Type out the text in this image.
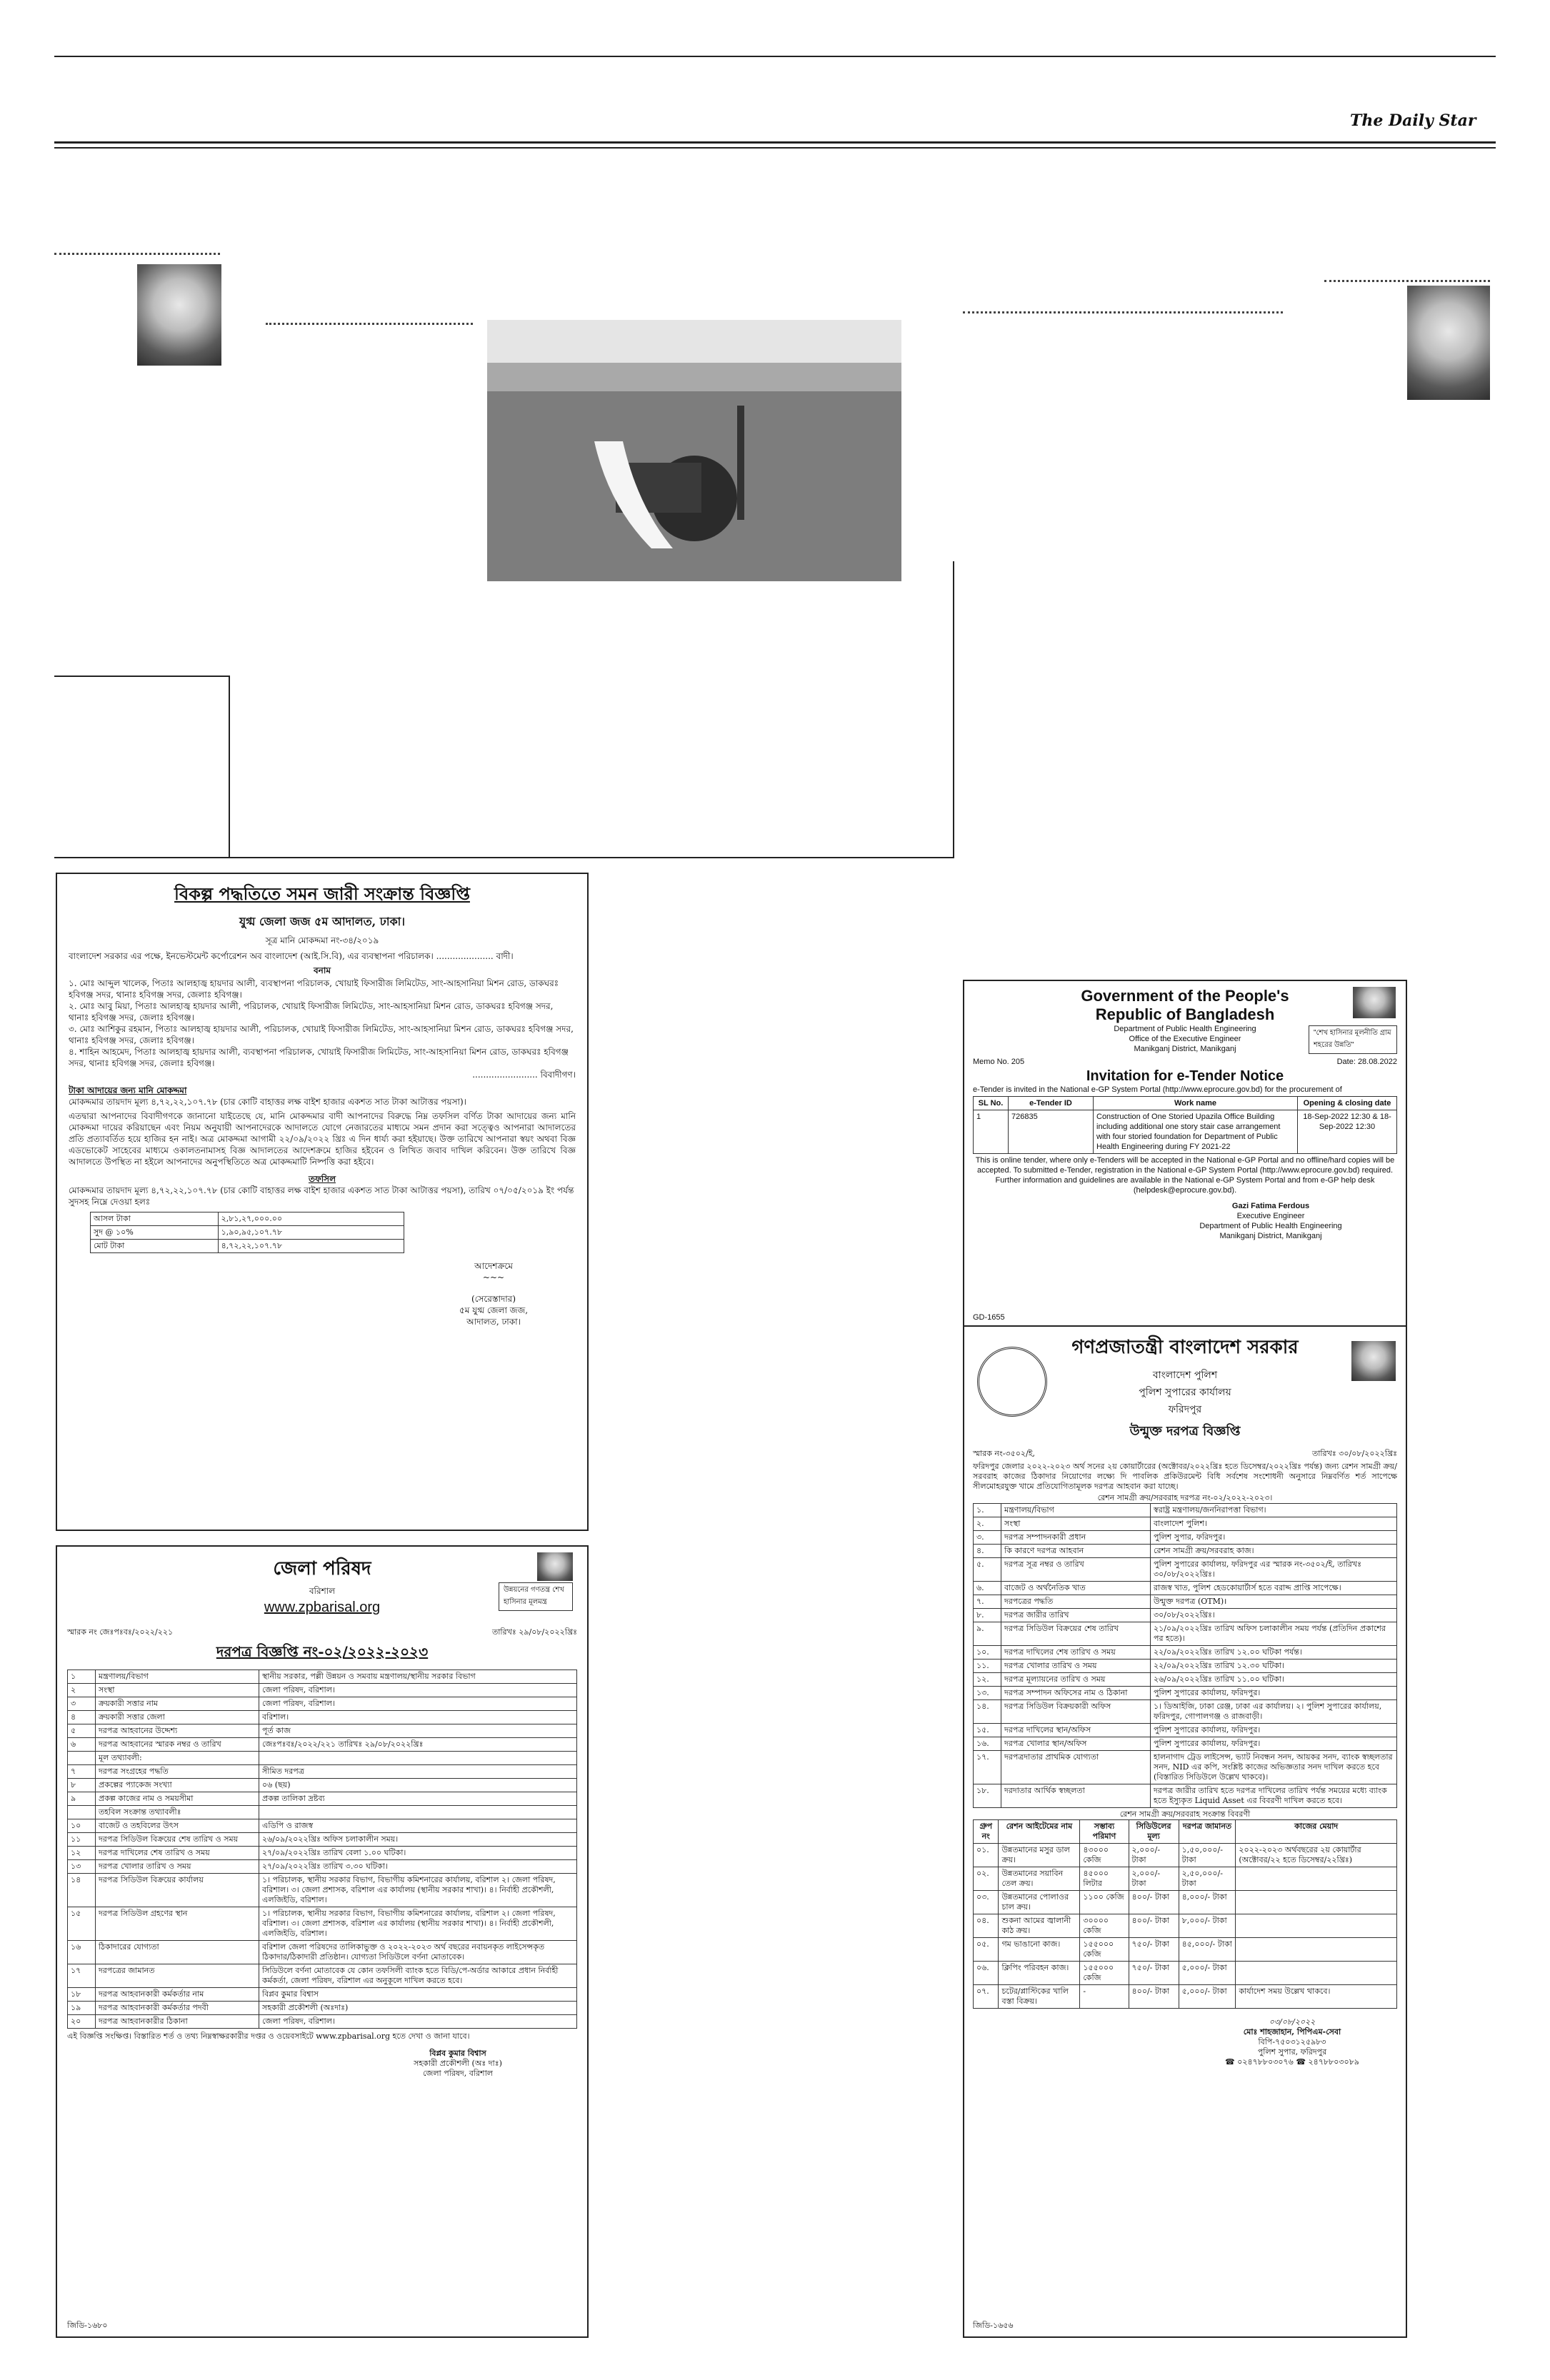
The Daily Star
বিকল্প পদ্ধতিতে সমন জারী সংক্রান্ত বিজ্ঞপ্তি
যুগ্ম জেলা জজ ৫ম আদালত, ঢাকা।
সূত্র মানি মোকদ্দমা নং-৩৪/২০১৯
বাংলাদেশ সরকার এর পক্ষে, ইনভেস্টমেন্ট কর্পোরেশন অব বাংলাদেশ (আই.সি.বি), এর ব্যবস্থাপনা পরিচালক। ..................... বাদী।
বনাম
১. মোঃ আব্দুল খালেক, পিতাঃ আলহাজ্ব হায়দার আলী, ব্যবস্থাপনা পরিচালক, খোয়াই ফিসারীজ লিমিটেড, সাং-আহসানিয়া মিশন রোড, ডাকঘরঃ হবিগঞ্জ সদর, থানাঃ হবিগঞ্জ সদর, জেলাঃ হবিগঞ্জ।
২. মোঃ আবু মিয়া, পিতাঃ আলহাজ্ব হায়দার আলী, পরিচালক, খোয়াই ফিসারীজ লিমিটেড, সাং-আহসানিয়া মিশন রোড, ডাকঘরঃ হবিগঞ্জ সদর, থানাঃ হবিগঞ্জ সদর, জেলাঃ হবিগঞ্জ।
৩. মোঃ আশিকুর রহমান, পিতাঃ আলহাজ্ব হায়দার আলী, পরিচালক, খোয়াই ফিসারীজ লিমিটেড, সাং-আহসানিয়া মিশন রোড, ডাকঘরঃ হবিগঞ্জ সদর, থানাঃ হবিগঞ্জ সদর, জেলাঃ হবিগঞ্জ।
৪. শাহিন আহমেদ, পিতাঃ আলহাজ্ব হায়দার আলী, ব্যবস্থাপনা পরিচালক, খোয়াই ফিসারীজ লিমিটেড, সাং-আহসানিয়া মিশন রোড, ডাকঘরঃ হবিগঞ্জ সদর, থানাঃ হবিগঞ্জ সদর, জেলাঃ হবিগঞ্জ।
........................ বিবাদীগণ।
টাকা আদায়ের জন্য মানি মোকদ্দমা
মোকদ্দমার তায়দাদ মূল্য ৪,৭২,২২,১০৭.৭৮ (চার কোটি বাহাত্তর লক্ষ বাইশ হাজার একশত সাত টাকা আটাত্তর পয়সা)।
এতদ্বারা আপনাদের বিবাদীগণকে জানানো যাইতেছে যে, মানি মোকদ্দমার বাদী আপনাদের বিরুদ্ধে নিম্ন তফসিল বর্ণিত টাকা আদায়ের জন্য মানি মোকদ্দমা দায়ের করিয়াছেন এবং নিয়ম অনুযায়ী আপনাদেরকে আদালতে যোগে নেজারতের মাধ্যমে সমন প্রদান করা সত্ত্বেও আপনারা আদালতের প্রতি প্রত্যাবর্তিত হয়ে হাজির হন নাই। অত্র মোকদ্দমা আগামী ২২/০৯/২০২২ খ্রিঃ এ দিন ধার্য্য করা হইয়াছে। উক্ত তারিখে আপনারা স্বয়ং অথবা বিজ্ঞ এডভোকেট সাহেবের মাধ্যমে ওকালতনামাসহ বিজ্ঞ আদালতের আদেশক্রমে হাজির হইবেন ও লিখিত জবাব দাখিল করিবেন। উক্ত তারিখে বিজ্ঞ আদালতে উপস্থিত না হইলে আপনাদের অনুপস্থিতিতে অত্র মোকদ্দমাটি নিষ্পত্তি করা হইবে।
তফসিল
মোকদ্দমার তায়দাদ মূল্য ৪,৭২,২২,১০৭.৭৮ (চার কোটি বাহাত্তর লক্ষ বাইশ হাজার একশত সাত টাকা আটাত্তর পয়সা), তারিখ ০৭/০৫/২০১৯ ইং পর্যন্ত সুদসহ নিম্নে দেওয়া হলঃ
আসল টাকা	২,৮১,২৭,০০০.০০
সুদ @ ১০%	১,৯০,৯৫,১০৭.৭৮
মোট টাকা	৪,৭২,২২,১০৭.৭৮
আদেশক্রমে
~~~
(সেরেস্তাদার)
৫ম যুগ্ম জেলা জজ,
আদালত, ঢাকা।
জেলা পরিষদ
বরিশাল
www.zpbarisal.org
উন্নয়নের গণতন্ত্র শেখ হাসিনার মূলমন্ত্র
স্মারক নং জেঃপঃবঃ/২০২২/২২১	তারিখঃ ২৯/০৮/২০২২খ্রিঃ
দরপত্র বিজ্ঞপ্তি নং-০২/২০২২-২০২৩
১	মন্ত্রণালয়/বিভাগ	স্থানীয় সরকার, পল্লী উন্নয়ন ও সমবায় মন্ত্রণালয়/স্থানীয় সরকার বিভাগ
২	সংস্থা	জেলা পরিষদ, বরিশাল।
৩	ক্রয়কারী সত্তার নাম	জেলা পরিষদ, বরিশাল।
৪	ক্রয়কারী সত্তার জেলা	বরিশাল।
৫	দরপত্র আহবানের উদ্দেশ্য	পূর্ত কাজ
৬	দরপত্র আহবানের স্মারক নম্বর ও তারিখ	জেঃপঃবঃ/২০২২/২২১ তারিখঃ ২৯/০৮/২০২২খ্রিঃ
	মূল তথ্যাবলী:	
৭	দরপত্র সংগ্রহের পদ্ধতি	সীমিত দরপত্র
৮	প্রকল্পের প্যাকেজ সংখ্যা	০৬ (ছয়)
৯	প্রকল্প কাজের নাম ও সময়সীমা	প্রকল্প তালিকা দ্রষ্টব্য
	তহবিল সংক্রান্ত তথ্যাবলীঃ	
১০	বাজেট ও তহবিলের উৎস	এডিপি ও রাজস্ব
১১	দরপত্র সিডিউল বিক্রয়ের শেষ তারিখ ও সময়	২৬/০৯/২০২২খ্রিঃ অফিস চলাকালীন সময়।
১২	দরপত্র দাখিলের শেষ তারিখ ও সময়	২৭/০৯/২০২২খ্রিঃ তারিখ বেলা ১.০০ ঘটিকা।
১৩	দরপত্র খোলার তারিখ ও সময়	২৭/০৯/২০২২খ্রিঃ তারিখ ৩.৩০ ঘটিকা।
১৪	দরপত্র সিডিউল বিক্রয়ের কার্যালয়	১। পরিচালক, স্থানীয় সরকার বিভাগ, বিভাগীয় কমিশনারের কার্যালয়, বরিশাল ২। জেলা পরিষদ, বরিশাল। ৩। জেলা প্রশাসক, বরিশাল এর কার্যালয় (স্থানীয় সরকার শাখা)। ৪। নির্বাহী প্রকৌশলী, এলজিইডি, বরিশাল।
১৫	দরপত্র সিডিউল গ্রহণের স্থান	১। পরিচালক, স্থানীয় সরকার বিভাগ, বিভাগীয় কমিশনারের কার্যালয়, বরিশাল ২। জেলা পরিষদ, বরিশাল। ৩। জেলা প্রশাসক, বরিশাল এর কার্যালয় (স্থানীয় সরকার শাখা)। ৪। নির্বাহী প্রকৌশলী, এলজিইডি, বরিশাল।
১৬	ঠিকাদারের যোগ্যতা	বরিশাল জেলা পরিষদের তালিকাভুক্ত ও ২০২২-২০২৩ অর্থ বছরের নবায়নকৃত লাইসেন্সকৃত ঠিকাদার/ঠিকাদারী প্রতিষ্ঠান। যোগ্যতা সিডিউলে বর্ণনা মোতাবেক।
১৭	দরপত্রের জামানত	সিডিউলে বর্ণনা মোতাবেক যে কোন তফসিলী ব্যাংক হতে বিডি/পে-অর্ডার আকারে প্রধান নির্বাহী কর্মকর্তা, জেলা পরিষদ, বরিশাল এর অনুকূলে দাখিল করতে হবে।
১৮	দরপত্র আহবানকারী কর্মকর্তার নাম	বিপ্লব কুমার বিশ্বাস
১৯	দরপত্র আহবানকারী কর্মকর্তার পদবী	সহকারী প্রকৌশলী (অঃদাঃ)
২০	দরপত্র আহবানকারীর ঠিকানা	জেলা পরিষদ, বরিশাল।
এই বিজ্ঞপ্তি সংক্ষিপ্ত। বিস্তারিত শর্ত ও তথ্য নিম্নস্বাক্ষরকারীর দপ্তর ও ওয়েবসাইটে www.zpbarisal.org হতে দেখা ও জানা যাবে।
বিপ্লব কুমার বিশ্বাস
সহকারী প্রকৌশলী (অঃ দাঃ)
জেলা পরিষদ, বরিশাল
জিডি-১৬৮০
Government of the People's
Republic of Bangladesh
Department of Public Health Engineering
Office of the Executive Engineer
Manikganj District, Manikganj
"শেখ হাসিনার মূলনীতি গ্রাম শহরের উন্নতি"
Memo No. 205	Date: 28.08.2022
Invitation for e-Tender Notice
e-Tender is invited in the National e-GP System Portal (http://www.eprocure.gov.bd) for the procurement of
SL No.	e-Tender ID	Work name	Opening & closing date
1	726835	Construction of One Storied Upazila Office Building including additional one story stair case arrangement with four storied foundation for Department of Public Health Engineering during FY 2021-22	18-Sep-2022 12:30 & 18-Sep-2022 12:30
This is online tender, where only e-Tenders will be accepted in the National e-GP Portal and no offline/hard copies will be accepted. To submitted e-Tender, registration in the National e-GP System Portal (http://www.eprocure.gov.bd) required. Further information and guidelines are available in the National e-GP System Portal and from e-GP help desk (helpdesk@eprocure.gov.bd).
Gazi Fatima Ferdous
Executive Engineer
Department of Public Health Engineering
Manikganj District, Manikganj
GD-1655
গণপ্রজাতন্ত্রী বাংলাদেশ সরকার
বাংলাদেশ পুলিশ
পুলিশ সুপারের কার্যালয়
ফরিদপুর
উন্মুক্ত দরপত্র বিজ্ঞপ্তি
স্মারক নং-৩৫০২/ই,	তারিখঃ ৩০/০৮/২০২২খ্রিঃ
ফরিদপুর জেলার ২০২২-২০২৩ অর্থ সনের ২য় কোয়ার্টারের (অক্টোবর/২০২২খ্রিঃ হতে ডিসেম্বর/২০২২খ্রিঃ পর্যন্ত) জন্য রেশন সামগ্রী ক্রয়/সরবরাহ কাজের ঠিকাদার নিয়োগের লক্ষ্যে দি পাবলিক প্রকিউরমেন্ট বিধি সর্বশেষ সংশোধনী অনুসারে নিম্নবর্ণিত শর্ত সাপেক্ষে সীলমোহরযুক্ত খামে প্রতিযোগিতামূলক দরপত্র আহবান করা যাচ্ছে।
রেশন সামগ্রী ক্রয়/সরবরাহ দরপত্র নং-০২/২০২২-২০২৩।
১.	মন্ত্রণালয়/বিভাগ	স্বরাষ্ট্র মন্ত্রণালয়/জননিরাপত্তা বিভাগ।
২.	সংস্থা	বাংলাদেশ পুলিশ।
৩.	দরপত্র সম্পাদনকারী প্রধান	পুলিশ সুপার, ফরিদপুর।
৪.	কি কারণে দরপত্র আহবান	রেশন সামগ্রী ক্রয়/সরবরাহ কাজ।
৫.	দরপত্র সূত্র নম্বর ও তারিখ	পুলিশ সুপারের কার্যালয়, ফরিদপুর এর স্মারক নং-৩৫০২/ই, তারিখঃ ৩০/০৮/২০২২খ্রিঃ।
৬.	বাজেট ও অর্থনৈতিক খাত	রাজস্ব খাত, পুলিশ হেডকোয়ার্টার্স হতে বরাদ্দ প্রাপ্তি সাপেক্ষে।
৭.	দরপত্রের পদ্ধতি	উন্মুক্ত দরপত্র (OTM)।
৮.	দরপত্র জারীর তারিখ	৩০/০৮/২০২২খ্রিঃ।
৯.	দরপত্র সিডিউল বিক্রয়ের শেষ তারিখ	২১/০৯/২০২২খ্রিঃ তারিখ অফিস চলাকালীন সময় পর্যন্ত (প্রতিদিন প্রকাশের পর হতে)।
১০.	দরপত্র দাখিলের শেষ তারিখ ও সময়	২২/০৯/২০২২খ্রিঃ তারিখ ১২.০০ ঘটিকা পর্যন্ত।
১১.	দরপত্র খোলার তারিখ ও সময়	২২/০৯/২০২২খ্রিঃ তারিখ ১২.৩০ ঘটিকা।
১২.	দরপত্র মূল্যায়নের তারিখ ও সময়	২৬/০৯/২০২২খ্রিঃ তারিখ ১১.০০ ঘটিকা।
১৩.	দরপত্র সম্পাদন অফিসের নাম ও ঠিকানা	পুলিশ সুপারের কার্যালয়, ফরিদপুর।
১৪.	দরপত্র সিডিউল বিক্রয়কারী অফিস	১। ডিআইজি, ঢাকা রেঞ্জ, ঢাকা এর কার্যালয়। ২। পুলিশ সুপারের কার্যালয়, ফরিদপুর, গোপালগঞ্জ ও রাজবাড়ী।
১৫.	দরপত্র দাখিলের স্থান/অফিস	পুলিশ সুপারের কার্যালয়, ফরিদপুর।
১৬.	দরপত্র খোলার স্থান/অফিস	পুলিশ সুপারের কার্যালয়, ফরিদপুর।
১৭.	দরপত্রদাতার প্রাথমিক যোগ্যতা	হালনাগাদ ট্রেড লাইসেন্স, ভ্যাট নিবন্ধন সনদ, আয়কর সনদ, ব্যাংক স্বচ্ছলতার সনদ, NID এর কপি, সংশ্লিষ্ট কাজের অভিজ্ঞতার সনদ দাখিল করতে হবে (বিস্তারিত সিডিউলে উল্লেখ থাকবে)।
১৮.	দরদাতার আর্থিক স্বচ্ছলতা	দরপত্র জারীর তারিখ হতে দরপত্র দাখিলের তারিখ পর্যন্ত সময়ের মধ্যে ব্যাংক হতে ইস্যুকৃত Liquid Asset এর বিবরণী দাখিল করতে হবে।
রেশন সামগ্রী ক্রয়/সরবরাহ সংক্রান্ত বিবরণী
গ্রুপ নং	রেশন আইটেমের নাম	সম্ভাব্য পরিমাণ	সিডিউলের মূল্য	দরপত্র জামানত	কাজের মেয়াদ
০১.	উন্নতমানের মসুর ডাল ক্রয়।	৪৩০০০ কেজি	২,০০০/- টাকা	১,৫০,০০০/- টাকা	২০২২-২০২৩ অর্থবছরের ২য় কোয়ার্টার (অক্টোবর/২২ হতে ডিসেম্বর/২২খ্রিঃ)
০২.	উন্নতমানের সয়াবিন তেল ক্রয়।	৪৫০০০ লিটার	২,০০০/- টাকা	২,৫০,০০০/- টাকা	
০৩.	উন্নতমানের পোলাওর চাল ক্রয়।	১১০০ কেজি	৪০০/- টাকা	৪,০০০/- টাকা	
০৪.	শুকনা আমের জ্বালানী কাঠ ক্রয়।	৩০০০০ কেজি	৪০০/- টাকা	৮,০০০/- টাকা	
০৫.	গম ভাঙানো কাজ।	১৫৫০০০ কেজি	৭৫০/- টাকা	৪৫,০০০/- টাকা	
০৬.	ক্লিপিং পরিবহন কাজ।	১৫৫০০০ কেজি	৭৫০/- টাকা	৫,০০০/- টাকা	
০৭.	চটের/প্লাস্টিকের খালি বস্তা বিক্রয়।	-	৪০০/- টাকা	৫,০০০/- টাকা	কার্যাদেশ সময় উল্লেখ থাকবে।
০৩/০৮/২০২২
মোঃ শাহজাহান, পিপিএম-সেবা
বিপি-৭৫০৩১২৫৯৮৩
পুলিশ সুপার, ফরিদপুর
☎ ০২৪৭৮৮০৩০৭৬ ☎ ২৪৭৮৮০৩০৮৯
জিডি-১৬৫৬
